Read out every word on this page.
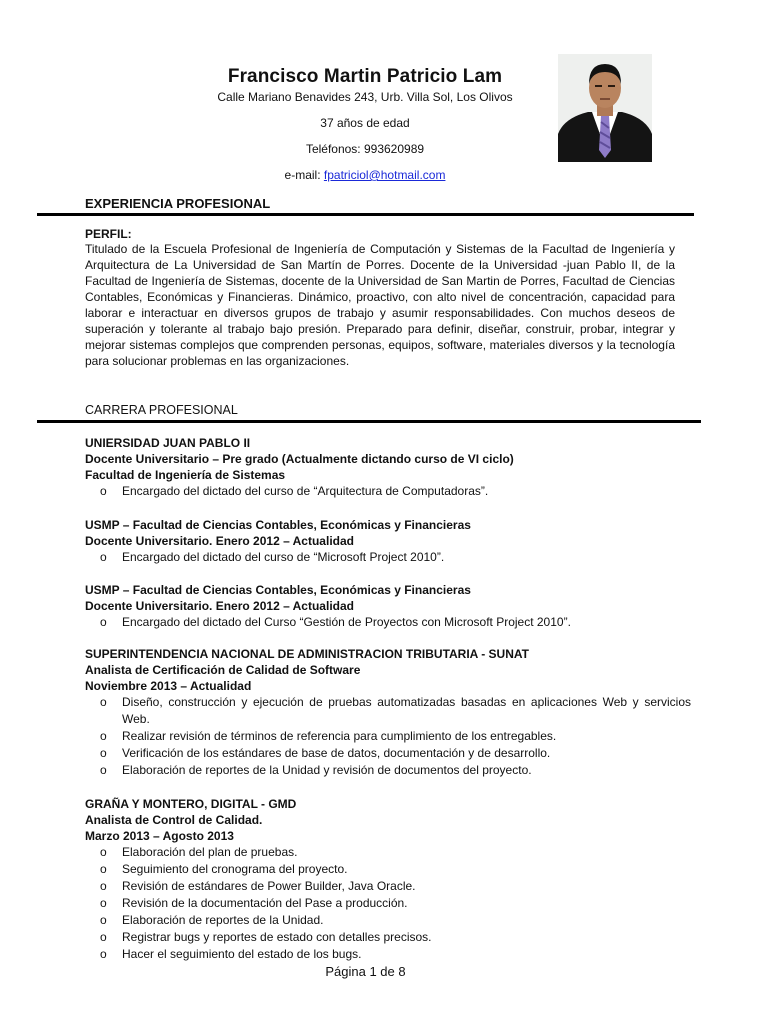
Francisco Martin Patricio Lam
Calle Mariano Benavides 243, Urb. Villa Sol, Los Olivos
37 años de edad
Teléfonos: 993620989
e-mail: fpatriciol@hotmail.com
EXPERIENCIA PROFESIONAL
PERFIL:
Titulado de la Escuela Profesional de Ingeniería de Computación y Sistemas de la Facultad de Ingeniería y Arquitectura de La Universidad de San Martín de Porres. Docente de la Universidad -juan Pablo II, de la Facultad de Ingeniería de Sistemas, docente de la Universidad de San Martin de Porres, Facultad de Ciencias Contables, Económicas y Financieras. Dinámico, proactivo, con alto nivel de concentración, capacidad para laborar e interactuar en diversos grupos de trabajo y asumir responsabilidades. Con muchos deseos de superación y tolerante al trabajo bajo presión. Preparado para definir, diseñar, construir, probar, integrar y mejorar sistemas complejos que comprenden personas, equipos, software, materiales diversos y la tecnología para solucionar problemas en las organizaciones.
CARRERA PROFESIONAL
UNIERSIDAD JUAN PABLO II
Docente Universitario – Pre grado (Actualmente dictando curso de VI ciclo)
Facultad de Ingeniería de Sistemas
o Encargado del dictado del curso de “Arquitectura de Computadoras”.
USMP – Facultad de Ciencias Contables, Económicas y Financieras
Docente Universitario. Enero 2012 – Actualidad
o Encargado del dictado del curso de “Microsoft Project 2010”.
USMP – Facultad de Ciencias Contables, Económicas y Financieras
Docente Universitario. Enero 2012 – Actualidad
o Encargado del dictado del Curso “Gestión de Proyectos con Microsoft Project 2010”.
SUPERINTENDENCIA NACIONAL DE ADMINISTRACION TRIBUTARIA - SUNAT
Analista de Certificación de Calidad de Software
Noviembre 2013 – Actualidad
o Diseño, construcción y ejecución de pruebas automatizadas basadas en aplicaciones Web y servicios Web.
o Realizar revisión de términos de referencia para cumplimiento de los entregables.
o Verificación de los estándares de base de datos, documentación y de desarrollo.
o Elaboración de reportes de la Unidad y revisión de documentos del proyecto.
GRAÑA Y MONTERO, DIGITAL - GMD
Analista de Control de Calidad.
Marzo 2013 – Agosto 2013
o Elaboración del plan de pruebas.
o Seguimiento del cronograma del proyecto.
o Revisión de estándares de Power Builder, Java Oracle.
o Revisión de la documentación del Pase a producción.
o Elaboración de reportes de la Unidad.
o Registrar bugs y reportes de estado con detalles precisos.
o Hacer el seguimiento del estado de los bugs.
Página 1 de 8
